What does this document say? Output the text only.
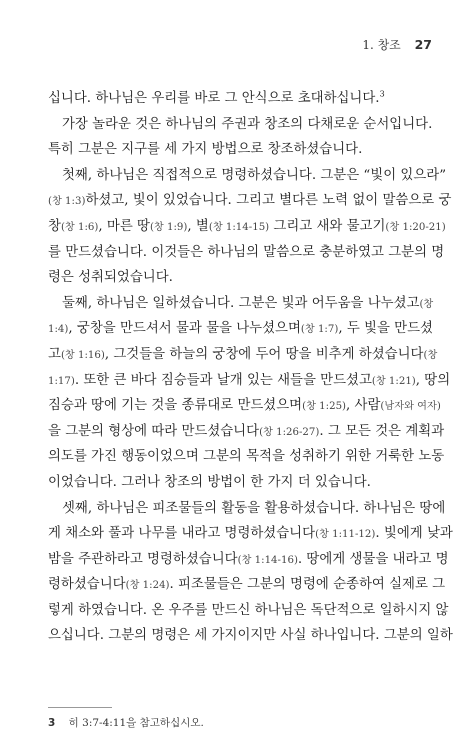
1. 창조 27
십니다. 하나님은 우리를 바로 그 안식으로 초대하십니다.$^3$
가장 놀라운 것은 하나님의 주권과 창조의 다채로운 순서입니다.
특히 그분은 지구를 세 가지 방법으로 창조하셨습니다.
첫째, 하나님은 직접적으로 명령하셨습니다. 그분은 “빛이 있으라”
(창 1:3)하셨고, 빛이 있었습니다. 그리고 별다른 노력 없이 말씀으로 궁
창(창 1:6), 마른 땅(창 1:9), 별(창 1:14-15) 그리고 새와 물고기(창 1:20-21)
를 만드셨습니다. 이것들은 하나님의 말씀으로 충분하였고 그분의 명
령은 성취되었습니다.
둘째, 하나님은 일하셨습니다. 그분은 빛과 어두움을 나누셨고(창
1:4), 궁창을 만드셔서 물과 물을 나누셨으며(창 1:7), 두 빛을 만드셨
고(창 1:16), 그것들을 하늘의 궁창에 두어 땅을 비추게 하셨습니다(창
1:17). 또한 큰 바다 짐승들과 날개 있는 새들을 만드셨고(창 1:21), 땅의
짐승과 땅에 기는 것을 종류대로 만드셨으며(창 1:25), 사람(남자와 여자)
을 그분의 형상에 따라 만드셨습니다(창 1:26-27). 그 모든 것은 계획과
의도를 가진 행동이었으며 그분의 목적을 성취하기 위한 거룩한 노동
이었습니다. 그러나 창조의 방법이 한 가지 더 있습니다.
셋째, 하나님은 피조물들의 활동을 활용하셨습니다. 하나님은 땅에
게 채소와 풀과 나무를 내라고 명령하셨습니다(창 1:11-12). 빛에게 낮과
밤을 주관하라고 명령하셨습니다(창 1:14-16). 땅에게 생물을 내라고 명
령하셨습니다(창 1:24). 피조물들은 그분의 명령에 순종하여 실제로 그
렇게 하였습니다. 온 우주를 만드신 하나님은 독단적으로 일하시지 않
으십니다. 그분의 명령은 세 가지이지만 사실 하나입니다. 그분의 일하
3 히 3:7-4:11을 참고하십시오.
